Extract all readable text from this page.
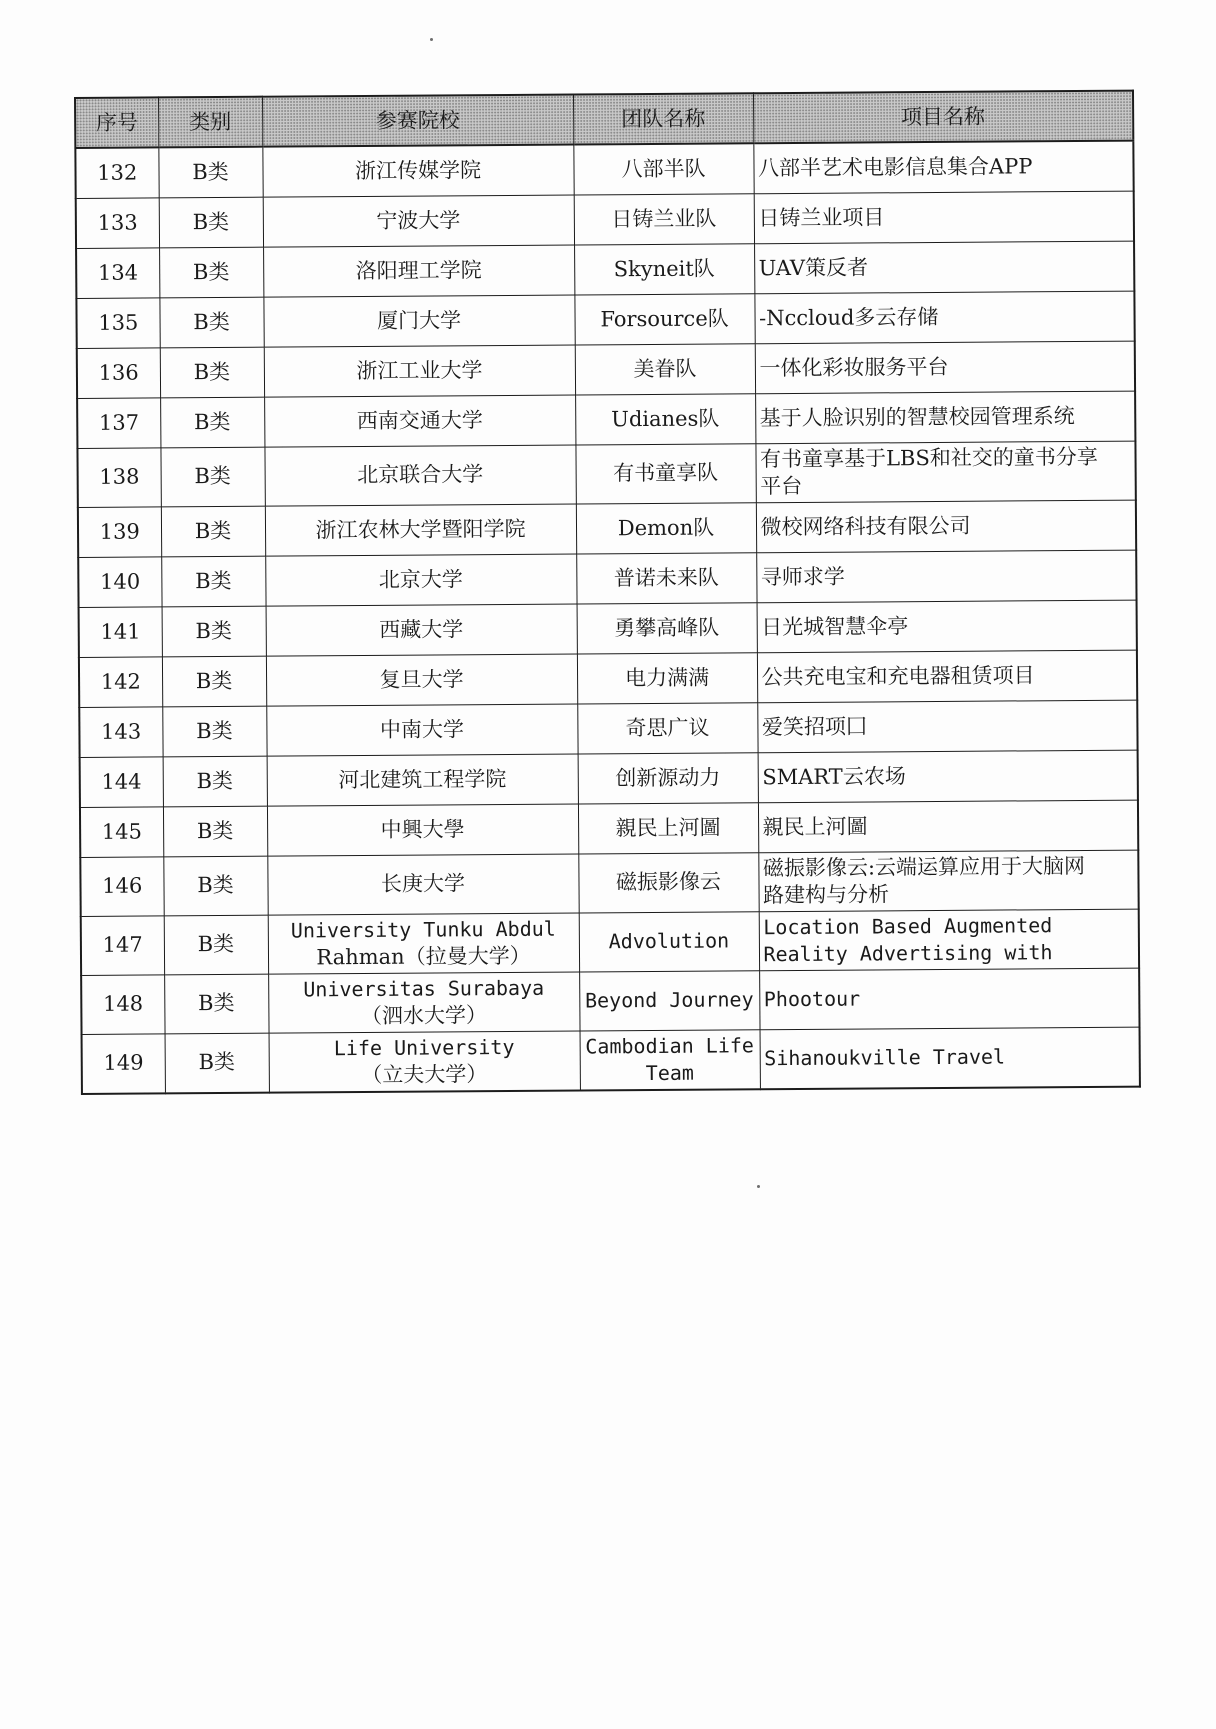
序号	类别	参赛院校	团队名称	项目名称
132	B类	浙江传媒学院	八部半队	八部半艺术电影信息集合APP

133	B类	宁波大学	日铸兰业队	日铸兰业项目

134	B类	洛阳理工学院	Skyneit队	UAV策反者

135	B类	厦门大学	Forsource队	-Nccloud多云存储

136	B类	浙江工业大学	美眷队	一体化彩妆服务平台

137	B类	西南交通大学	Udianes队	基于人脸识别的智慧校园管理系统

138	B类	北京联合大学	有书童享队	有书童享基于LBS和社交的童书分享
平台

139	B类	浙江农林大学暨阳学院	Demon队	微校网络科技有限公司

140	B类	北京大学	普诺未来队	寻师求学

141	B类	西藏大学	勇攀高峰队	日光城智慧伞亭

142	B类	复旦大学	电力满满	公共充电宝和充电器租赁项目

143	B类	中南大学	奇思广议	爱笑招项囗

144	B类	河北建筑工程学院	创新源动力	SMART云农场

145	B类	中興大學	親民上河圖	親民上河圖

146	B类	长庚大学	磁振影像云	磁振影像云:云端运算应用于大脑网
路建构与分析

147	B类	University Tunku Abdul
Rahman（拉曼大学）	Advolution	Location Based Augmented
Reality Advertising with

148	B类	Universitas Surabaya
（泗水大学）	Beyond Journey	Phootour

149	B类	Life University
（立夫大学）	Cambodian Life
Team	Sihanoukville Travel
